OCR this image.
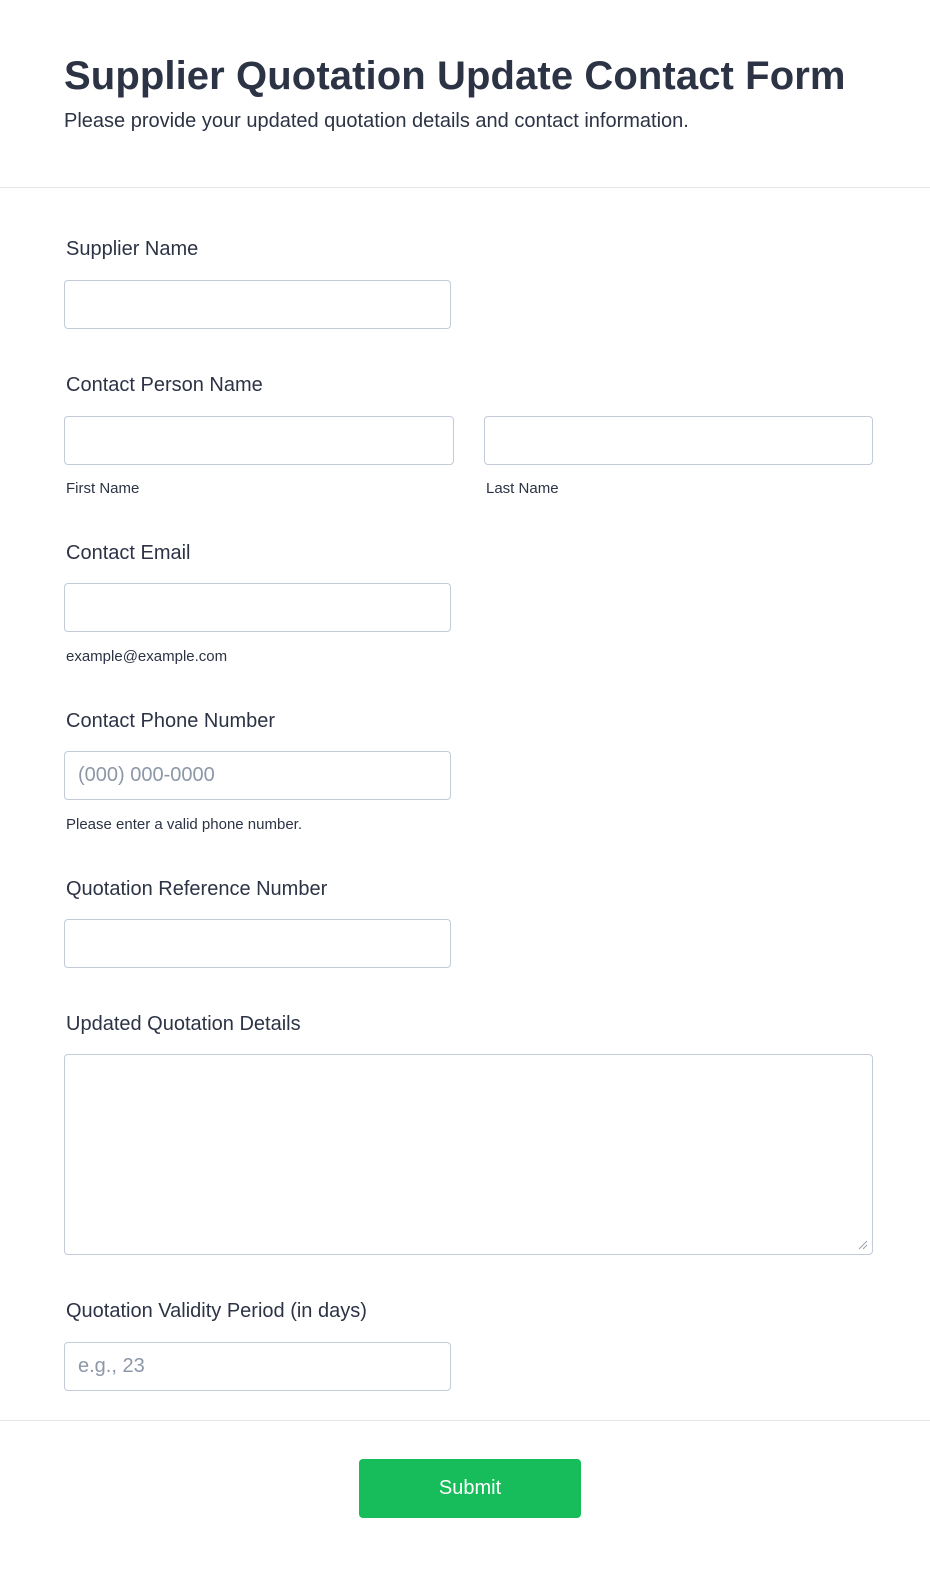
Supplier Quotation Update Contact Form

Please provide your updated quotation details and contact information.

Supplier Name
Contact Person Name
First Name	Last Name
Contact Email
example@example.com
Contact Phone Number
(000) 000-0000
Please enter a valid phone number.
Quotation Reference Number
Updated Quotation Details
Quotation Validity Period (in days)
e.g., 23
Submit
